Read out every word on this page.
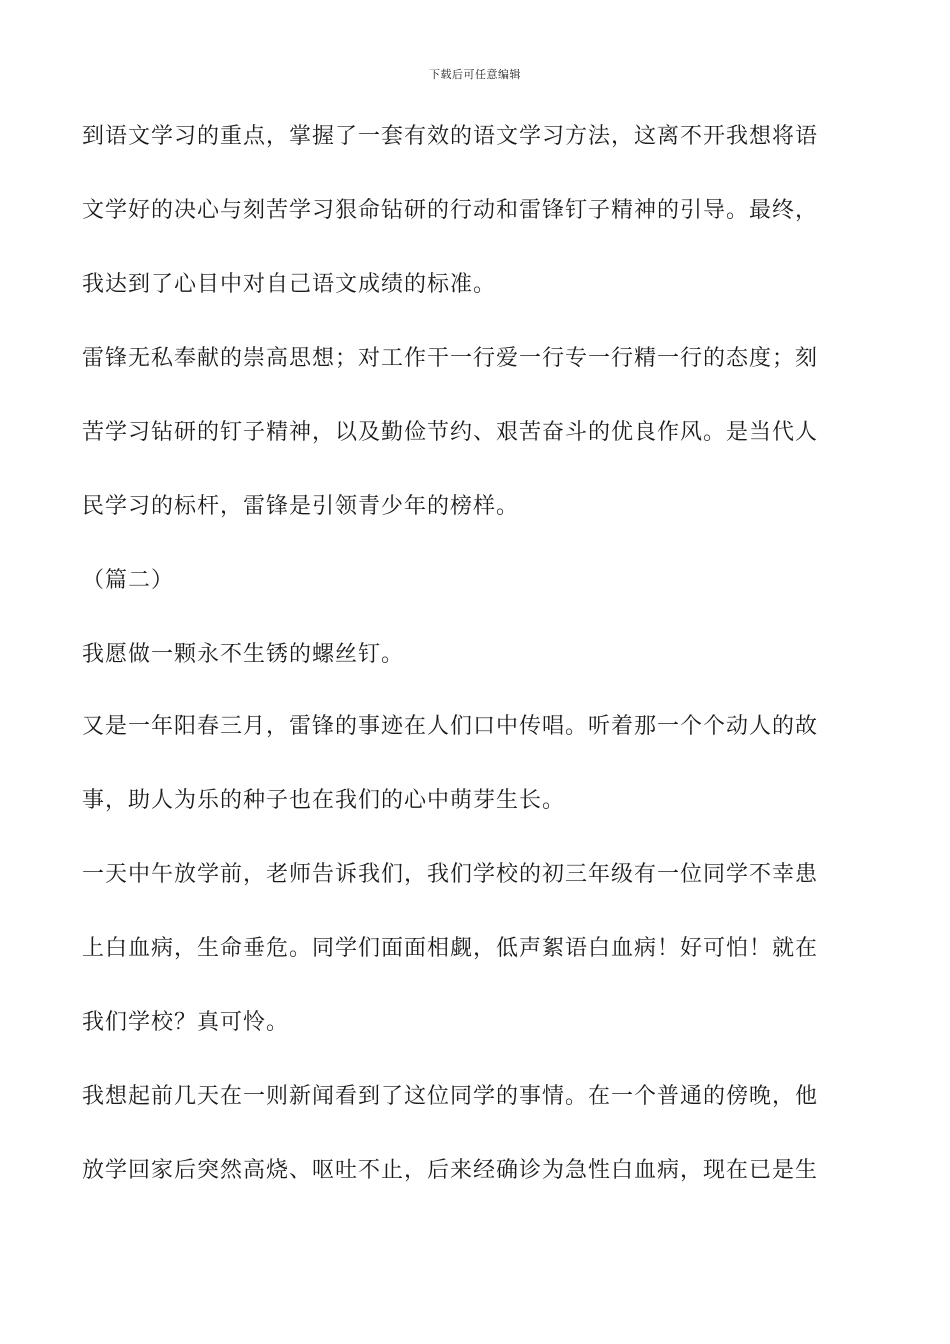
下载后可任意编辑
到语文学习的重点，掌握了一套有效的语文学习方法，这离不开我想将语
文学好的决心与刻苦学习狠命钻研的行动和雷锋钉子精神的引导。最终，
我达到了心目中对自己语文成绩的标准。
雷锋无私奉献的崇高思想；对工作干一行爱一行专一行精一行的态度；刻
苦学习钻研的钉子精神，以及勤俭节约、艰苦奋斗的优良作风。是当代人
民学习的标杆，雷锋是引领青少年的榜样。
（篇二）
我愿做一颗永不生锈的螺丝钉。
又是一年阳春三月，雷锋的事迹在人们口中传唱。听着那一个个动人的故
事，助人为乐的种子也在我们的心中萌芽生长。
一天中午放学前，老师告诉我们，我们学校的初三年级有一位同学不幸患
上白血病，生命垂危。同学们面面相觑，低声絮语白血病！好可怕！就在
我们学校？真可怜。
我想起前几天在一则新闻看到了这位同学的事情。在一个普通的傍晚，他
放学回家后突然高烧、呕吐不止，后来经确诊为急性白血病，现在已是生
